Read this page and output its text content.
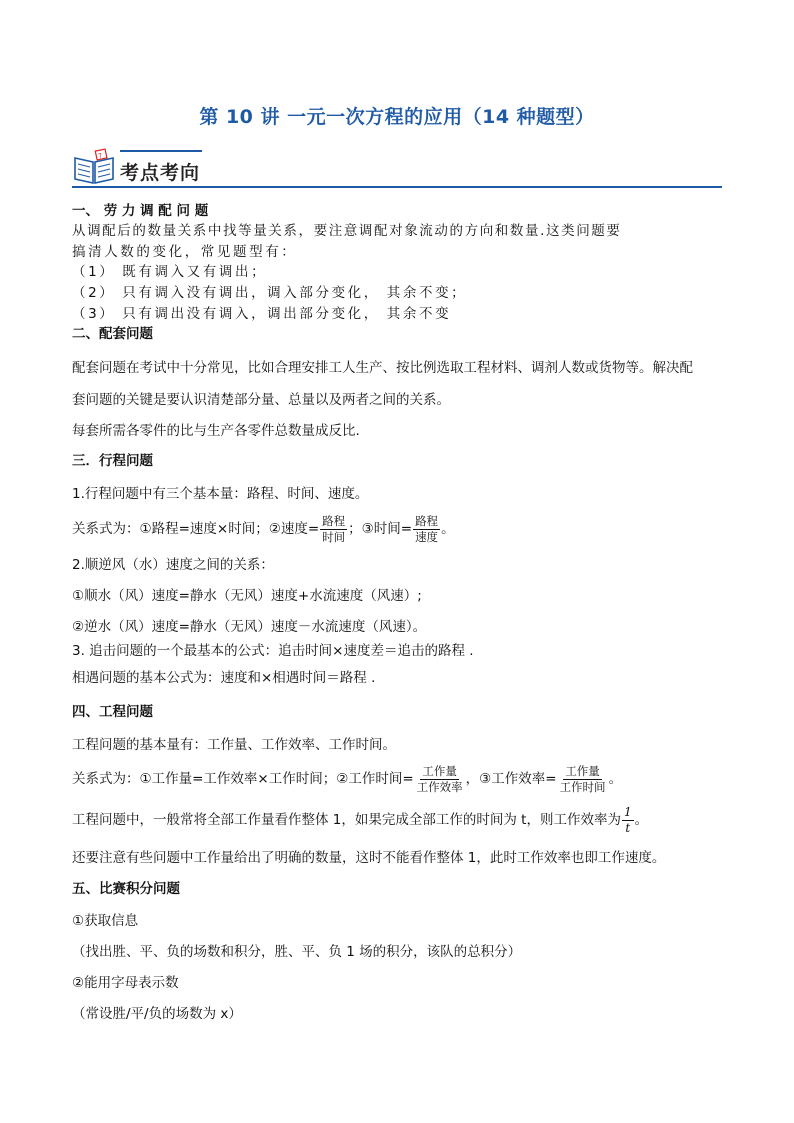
第 10 讲 一元一次方程的应用（14 种题型）
?
考点考向
一、 劳 力 调 配 问 题
从调配后的数量关系中找等量关系，要注意调配对象流动的方向和数量.这类问题要
搞清人数的变化，常见题型有：
（1） 既有调入又有调出；
（2） 只有调入没有调出，调入部分变化， 其余不变；
（3） 只有调出没有调入，调出部分变化， 其余不变
二、配套问题
配套问题在考试中十分常见，比如合理安排工人生产、按比例选取工程材料、调剂人数或货物等。解决配
套问题的关键是要认识清楚部分量、总量以及两者之间的关系。
每套所需各零件的比与生产各零件总数量成反比.
三．行程问题
1.行程问题中有三个基本量：路程、时间、速度。
关系式为：①路程=速度×时间；②速度= $\frac{\text{路程}}{\text{时间}}$ ；③时间= $\frac{\text{路程}}{\text{速度}}$ 。
2.顺逆风（水）速度之间的关系：
①顺水（风）速度=静水（无风）速度+水流速度（风速）;
②逆水（风）速度=静水（无风）速度－水流速度（风速）。
3. 追击问题的一个最基本的公式：追击时间×速度差＝追击的路程 .
相遇问题的基本公式为：速度和×相遇时间＝路程 .
四、工程问题
工程问题的基本量有：工作量、工作效率、工作时间。
关系式为：①工作量=工作效率×工作时间；②工作时间= $\frac{\text{工作量}}{\text{工作效率}}$ ，③工作效率= $\frac{\text{工作量}}{\text{工作时间}}$ 。
工程问题中，一般常将全部工作量看作整体 1，如果完成全部工作的时间为 t，则工作效率为 $\frac{1}{t}$ 。
还要注意有些问题中工作量给出了明确的数量，这时不能看作整体 1，此时工作效率也即工作速度。
五、比赛积分问题
①获取信息
（找出胜、平、负的场数和积分，胜、平、负 1 场的积分，该队的总积分）
②能用字母表示数
（常设胜/平/负的场数为 x）
